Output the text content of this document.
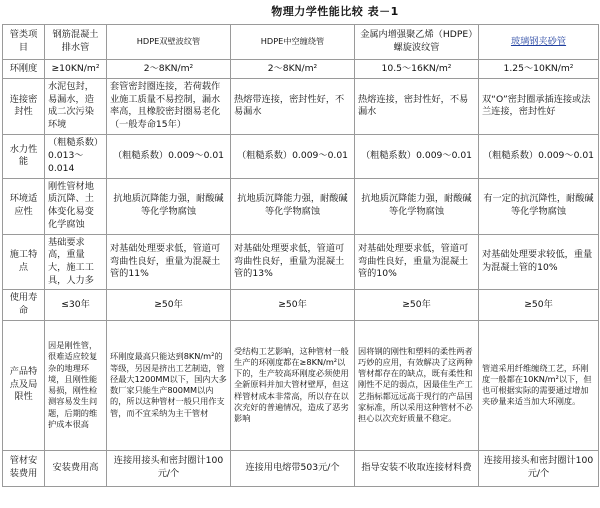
物理力学性能比较 表－1
管类项目	钢筋混凝土排水管	HDPE双壁波纹管	HDPE中空缠绕管	金属内增强聚乙烯（HDPE）螺旋波纹管	玻璃钢夹砂管
环刚度	≥10KN/m²	2～8KN/m²	2～8KN/m²	10.5～16KN/m²	1.25～10KN/m²
连接密封性	水泥包封，易漏水，造成二次污染环境	套管密封圈连接，若荷载作业施工质量不易控制，漏水率高，且橡胶密封圈易老化（一般寿命15年）	热熔带连接，密封性好，不易漏水	热熔连接，密封性好，不易漏水	双“O”密封圈承插连接或法兰连接，密封性好
水力性能	（粗糙系数）0.013～0.014	（粗糙系数）0.009～0.01	（粗糙系数）0.009～0.01	（粗糙系数）0.009～0.01	（粗糙系数）0.009～0.01
环境适应性	刚性管材地质沉降、土体变化易变化学腐蚀	抗地质沉降能力强，耐酸碱等化学物腐蚀	抗地质沉降能力强，耐酸碱等化学物腐蚀	抗地质沉降能力强，耐酸碱等化学物腐蚀	有一定的抗沉降性，耐酸碱等化学物腐蚀
施工特点	基础要求高，重量大，施工工具，人力多	对基础处理要求低，管道可弯曲性良好，重量为混凝土管的11%	对基础处理要求低，管道可弯曲性良好，重量为混凝土管的13%	对基础处理要求低，管道可弯曲性良好，重量为混凝土管的10%	对基础处理要求较低，重量为混凝土管的10%
使用寿命	≤30年	≥50年	≥50年	≥50年	≥50年
产品特点及局限性	因是刚性管，很难适应较复杂的地理环境，且刚性能易损，刚性检测容易发生问题，后期的维护成本很高	环刚度最高只能达到8KN/m²的等级，另因是挤出工艺制造，管径最大1200MM以下，国内大多数厂家只能生产800MM以内的，所以这种管材一般只用作支管，而不宜采纳为主干管材	受结构工艺影响，这种管材一般生产的环刚度都在≥8KN/m²以下的，生产较高环刚度必须使用全新原料并加大管材壁厚，但这样管材成本非常高，所以存在以次充好的普遍情况，造成了恶劣影响	因将钢的刚性和塑料的柔性两者巧妙的应用，有效解决了这两种管材都存在的缺点，既有柔性和刚性不足的弱点，因最佳生产工艺指标都远远高于现行的产品国家标准，所以采用这种管材不必担心以次充好质量不稳定。	管道采用纤维缠绕工艺，环刚度一般都在10KN/m²以下，但也可根据实际的需要通过增加夹砂量来适当加大环刚度。
管材安装费用	安装费用高	连接用接头和密封圈计100元/个	连接用电熔带503元/个	指导安装不收取连接材料费	连接用接头和密封圈计100元/个
